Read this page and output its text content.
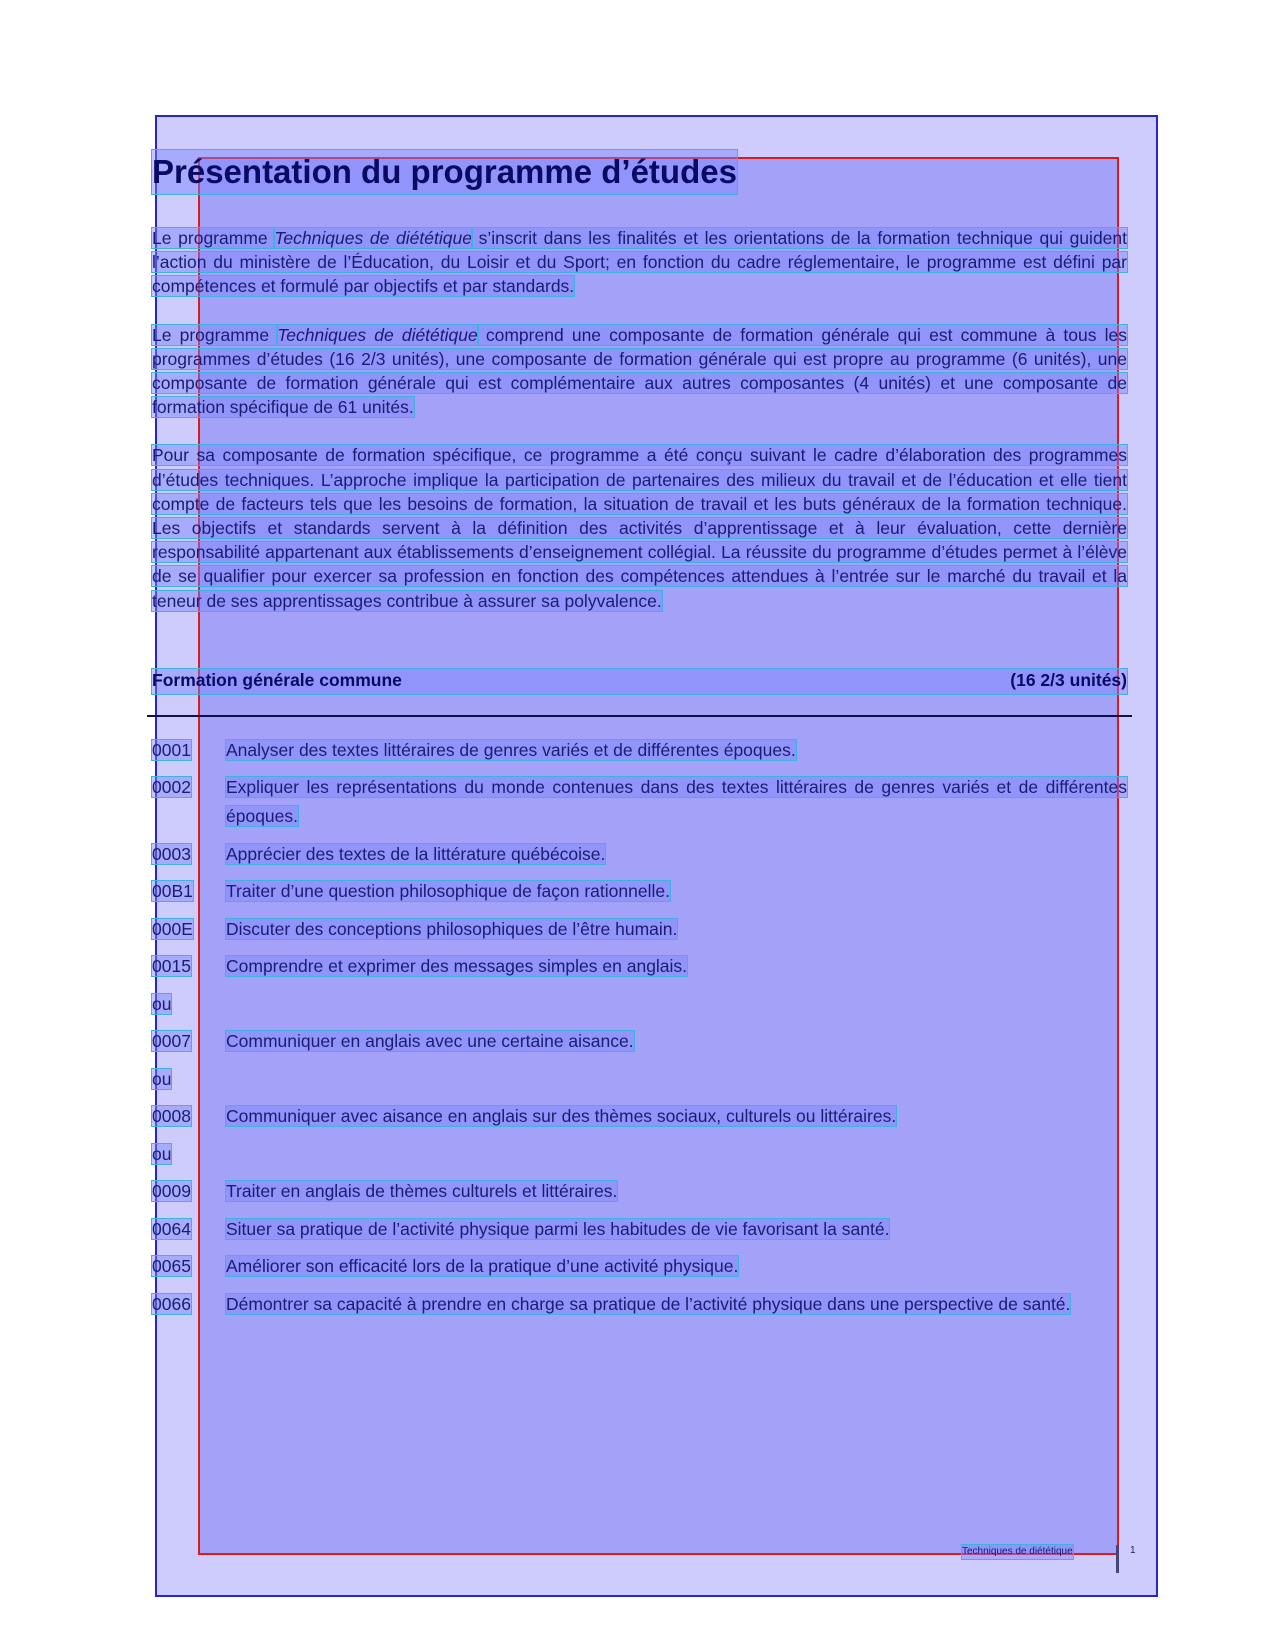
Présentation du programme d’études

Le programme Techniques de diététique s’inscrit dans les finalités et les orientations de la formation technique qui guident l’action du ministère de l’Éducation, du Loisir et du Sport; en fonction du cadre réglementaire, le programme est défini par compétences et formulé par objectifs et par standards.

Le programme Techniques de diététique comprend une composante de formation générale qui est commune à tous les programmes d’études (16 2/3 unités), une composante de formation générale qui est propre au programme (6 unités), une composante de formation générale qui est complémentaire aux autres composantes (4 unités) et une composante de formation spécifique de 61 unités.

Pour sa composante de formation spécifique, ce programme a été conçu suivant le cadre d’élaboration des programmes d’études techniques. L’approche implique la participation de partenaires des milieux du travail et de l’éducation et elle tient compte de facteurs tels que les besoins de formation, la situation de travail et les buts généraux de la formation technique. Les objectifs et standards servent à la définition des activités d’apprentissage et à leur évaluation, cette dernière responsabilité appartenant aux établissements d’enseignement collégial. La réussite du programme d’études permet à l’élève de se qualifier pour exercer sa profession en fonction des compétences attendues à l’entrée sur le marché du travail et la teneur de ses apprentissages contribue à assurer sa polyvalence.

Formation générale commune	(16 2/3 unités)
0001	Analyser des textes littéraires de genres variés et de différentes époques.
0002	Expliquer les représentations du monde contenues dans des textes littéraires de genres variés et de différentes époques.
0003	Apprécier des textes de la littérature québécoise.
00B1	Traiter d’une question philosophique de façon rationnelle.
000E	Discuter des conceptions philosophiques de l’être humain.
0015	Comprendre et exprimer des messages simples en anglais.
ou
0007	Communiquer en anglais avec une certaine aisance.
ou
0008	Communiquer avec aisance en anglais sur des thèmes sociaux, culturels ou littéraires.
ou
0009	Traiter en anglais de thèmes culturels et littéraires.
0064	Situer sa pratique de l’activité physique parmi les habitudes de vie favorisant la santé.
0065	Améliorer son efficacité lors de la pratique d’une activité physique.
0066	Démontrer sa capacité à prendre en charge sa pratique de l’activité physique dans une perspective de santé.
Techniques de diététique	1
